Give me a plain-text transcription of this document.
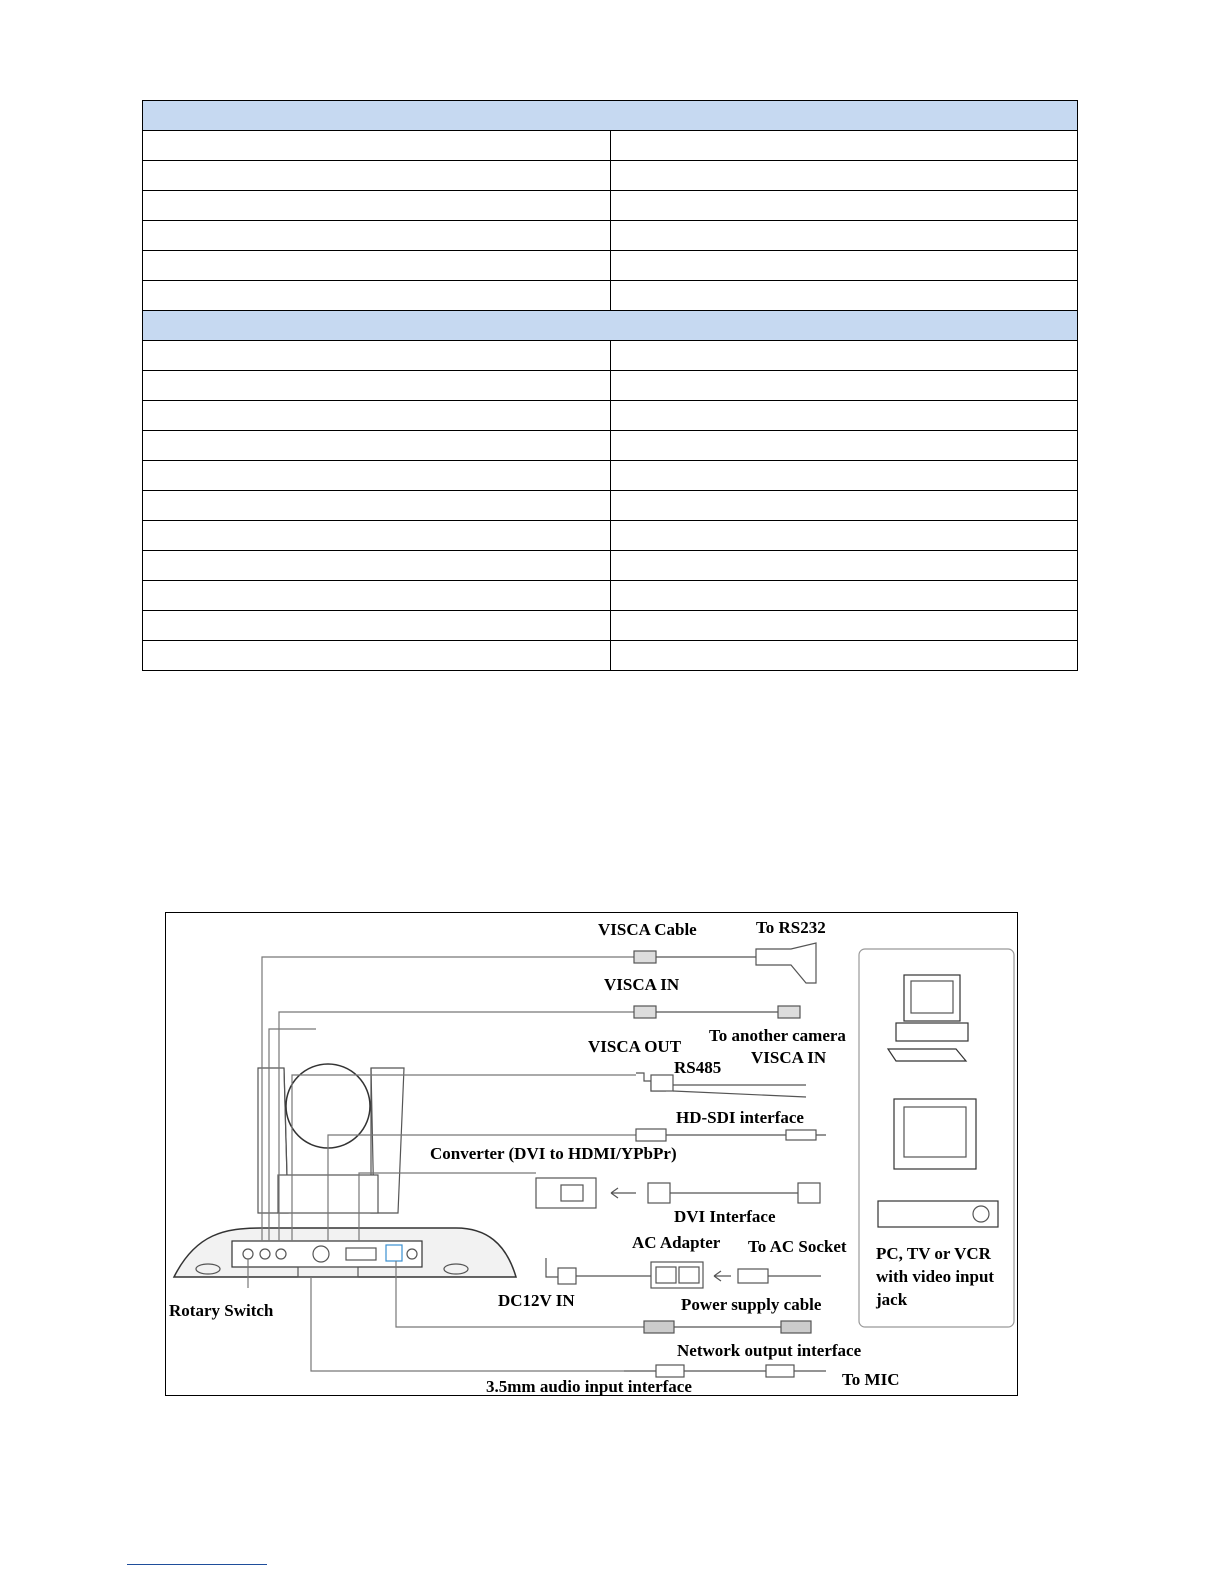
VISCA Cable	To RS232
VISCA IN
To another camera
VISCA OUT
VISCA IN
RS485
HD-SDI interface
Converter (DVI to HDMI/YPbPr)
DVI Interface
AC Adapter To AC Socket
DC12V IN	Power supply cable
Rotary Switch
Network output interface
To MIC
3.5mm audio input interface
PC, TV or VCR
with video input
jack
